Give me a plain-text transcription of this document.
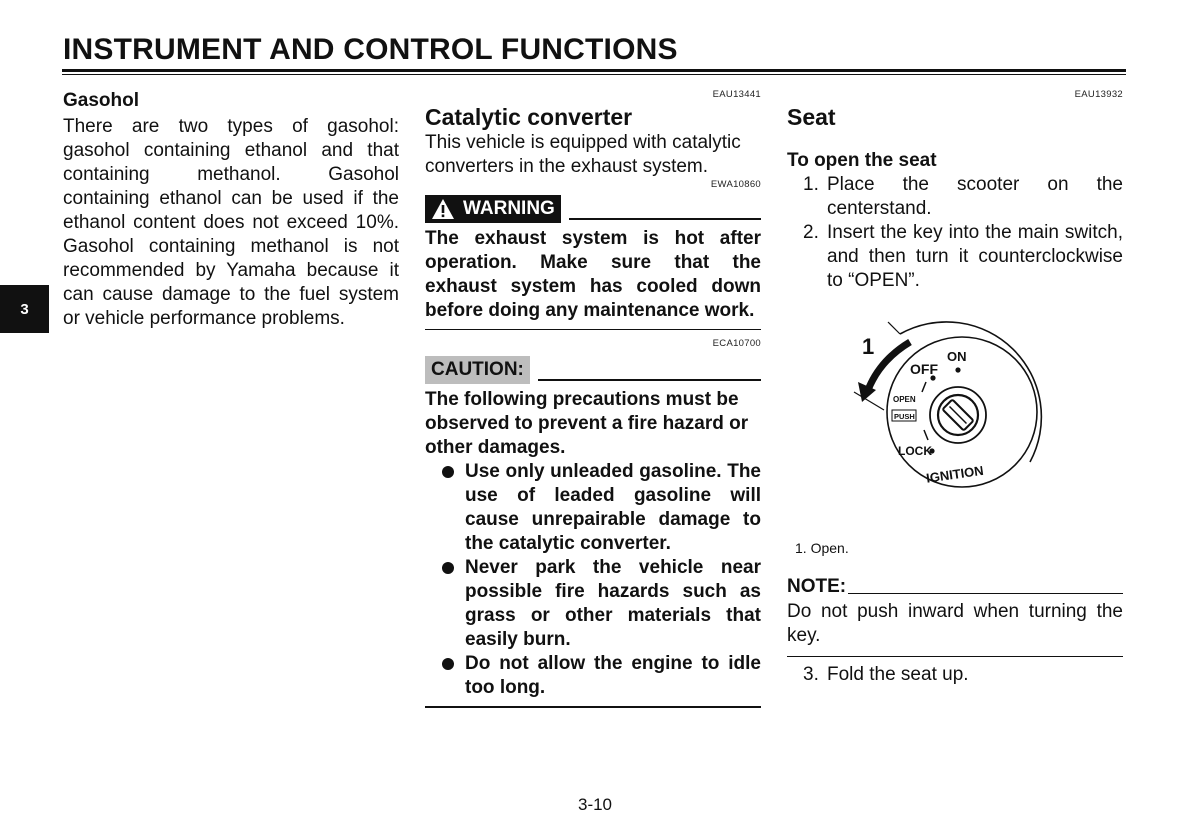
INSTRUMENT AND CONTROL FUNCTIONS
3
Gasohol
There are two types of gasohol: gasohol containing ethanol and that containing methanol. Gasohol containing ethanol can be used if the ethanol content does not exceed 10%. Gasohol containing methanol is not recommended by Yamaha because it can cause damage to the fuel system or vehicle performance problems.
EAU13441
Catalytic converter
This vehicle is equipped with catalytic converters in the exhaust system.
EWA10860
WARNING
The exhaust system is hot after operation. Make sure that the exhaust system has cooled down before doing any maintenance work.
ECA10700
CAUTION:
The following precautions must be observed to prevent a fire hazard or other damages.
Use only unleaded gasoline. The use of leaded gasoline will cause unrepairable damage to the catalytic converter.
Never park the vehicle near possible fire hazards such as grass or other materials that easily burn.
Do not allow the engine to idle too long.
EAU13932
Seat
To open the seat
1. Place the scooter on the centerstand.
2. Insert the key into the main switch, and then turn it counterclockwise to “OPEN”.
1
OFF
ON
OPEN
PUSH
LOCK
IGNITION
1. Open.
NOTE:
Do not push inward when turning the key.
3. Fold the seat up.
3-10
